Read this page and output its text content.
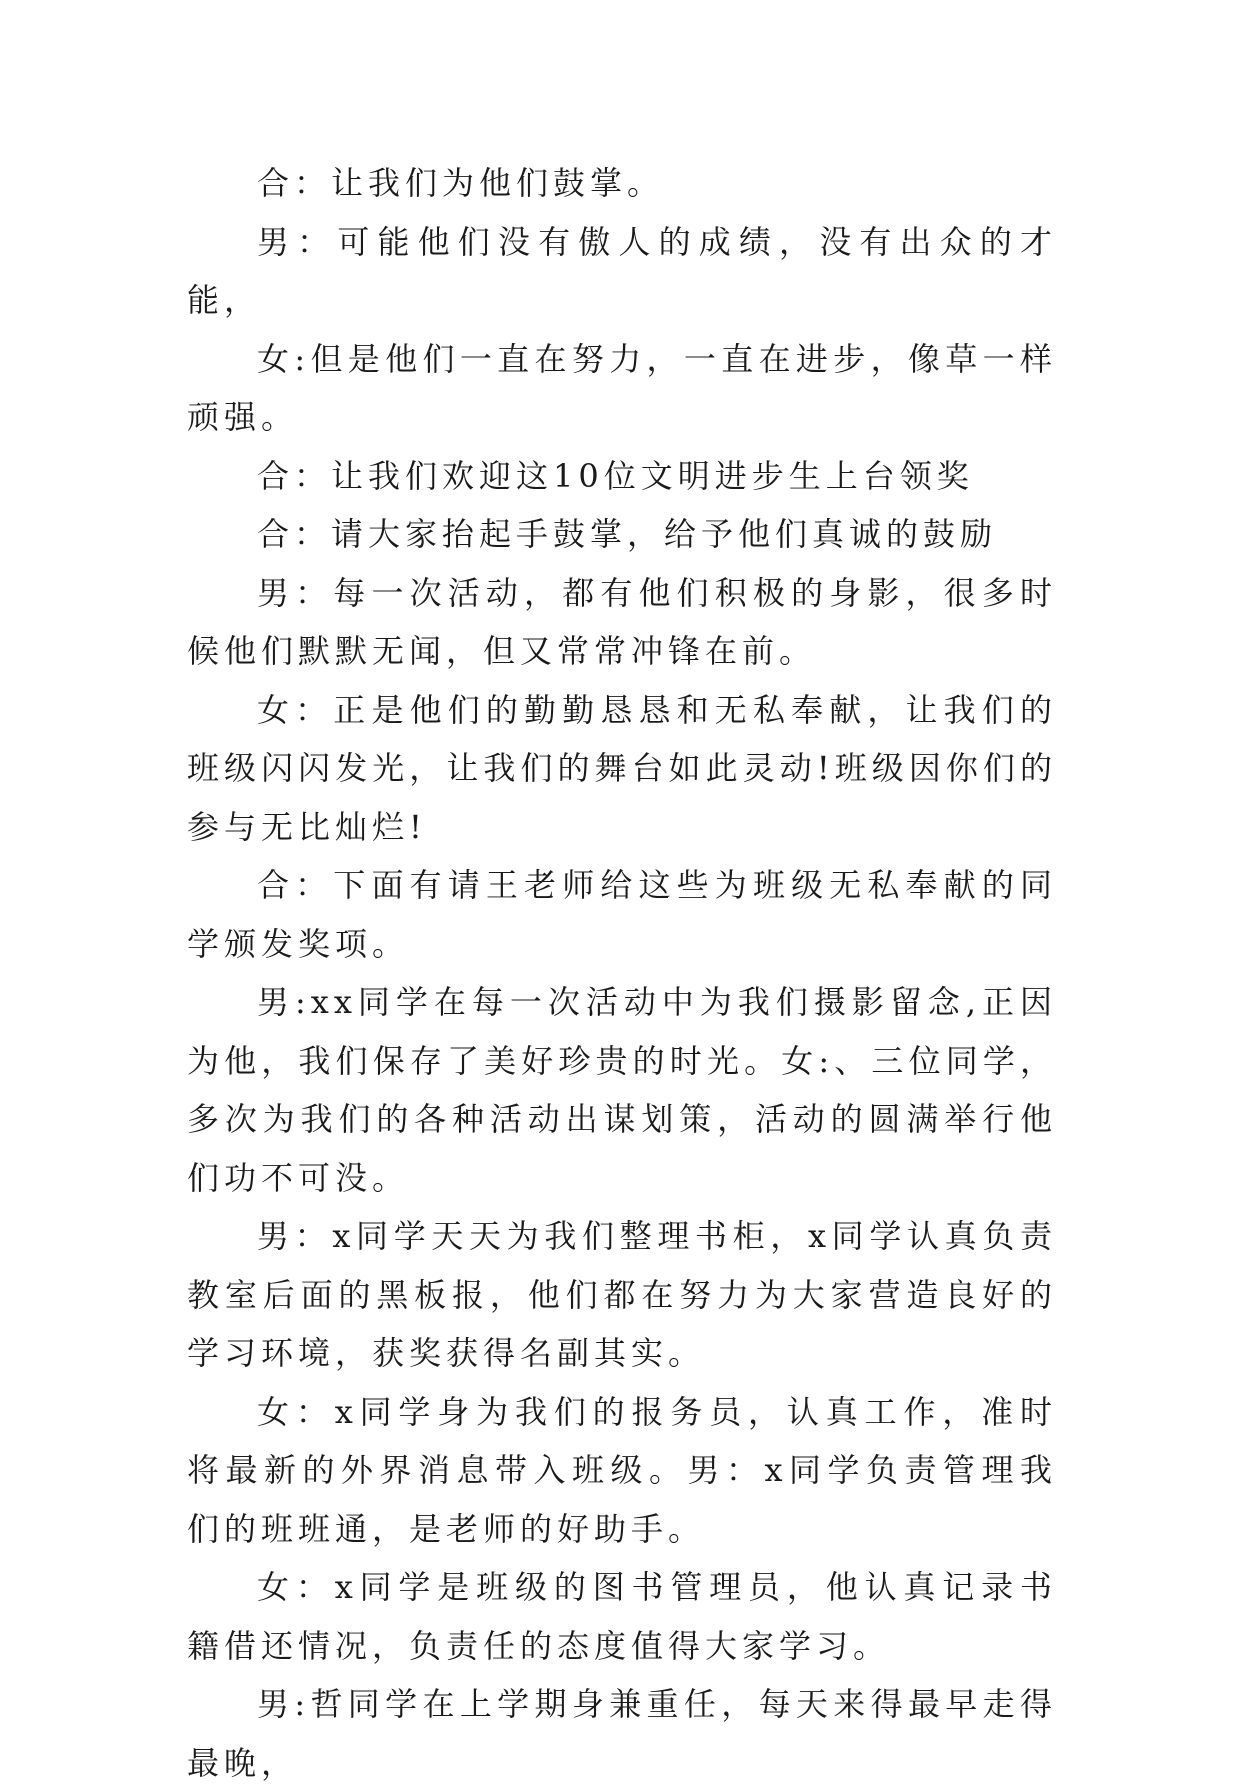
合：让我们为他们鼓掌。

男：可能他们没有傲人的成绩，没有出众的才能，

女:但是他们一直在努力，一直在进步，像草一样顽强。

合：让我们欢迎这10位文明进步生上台领奖

合：请大家抬起手鼓掌，给予他们真诚的鼓励

男：每一次活动，都有他们积极的身影，很多时候他们默默无闻，但又常常冲锋在前。

女：正是他们的勤勤恳恳和无私奉献，让我们的班级闪闪发光，让我们的舞台如此灵动!班级因你们的参与无比灿烂!

合：下面有请王老师给这些为班级无私奉献的同学颁发奖项。

男:xx同学在每一次活动中为我们摄影留念,正因为他，我们保存了美好珍贵的时光。女:、三位同学，多次为我们的各种活动出谋划策，活动的圆满举行他们功不可没。

男：x同学天天为我们整理书柜，x同学认真负责教室后面的黑板报，他们都在努力为大家营造良好的学习环境，获奖获得名副其实。

女：x同学身为我们的报务员，认真工作，准时将最新的外界消息带入班级。男：x同学负责管理我们的班班通，是老师的好助手。

女：x同学是班级的图书管理员，他认真记录书籍借还情况，负责任的态度值得大家学习。

男:哲同学在上学期身兼重任，每天来得最早走得最晚，
